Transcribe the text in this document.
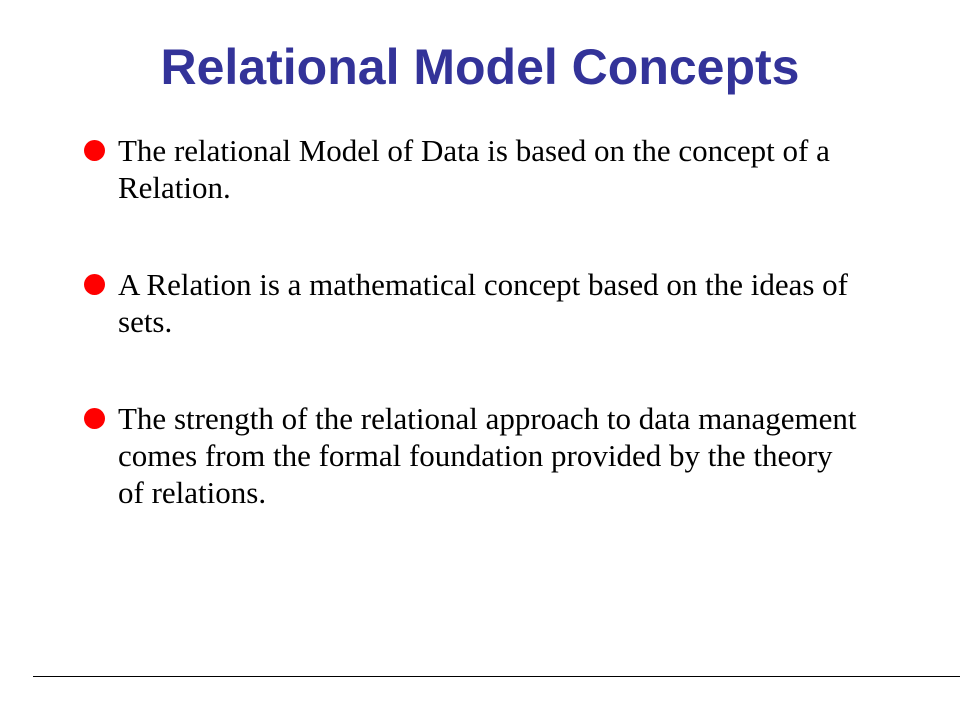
Relational Model Concepts
The relational Model of Data is based on the concept of a Relation.
A Relation is a mathematical concept based on the ideas of sets.
The strength of the relational approach to data management comes from the formal foundation provided by the theory of relations.
